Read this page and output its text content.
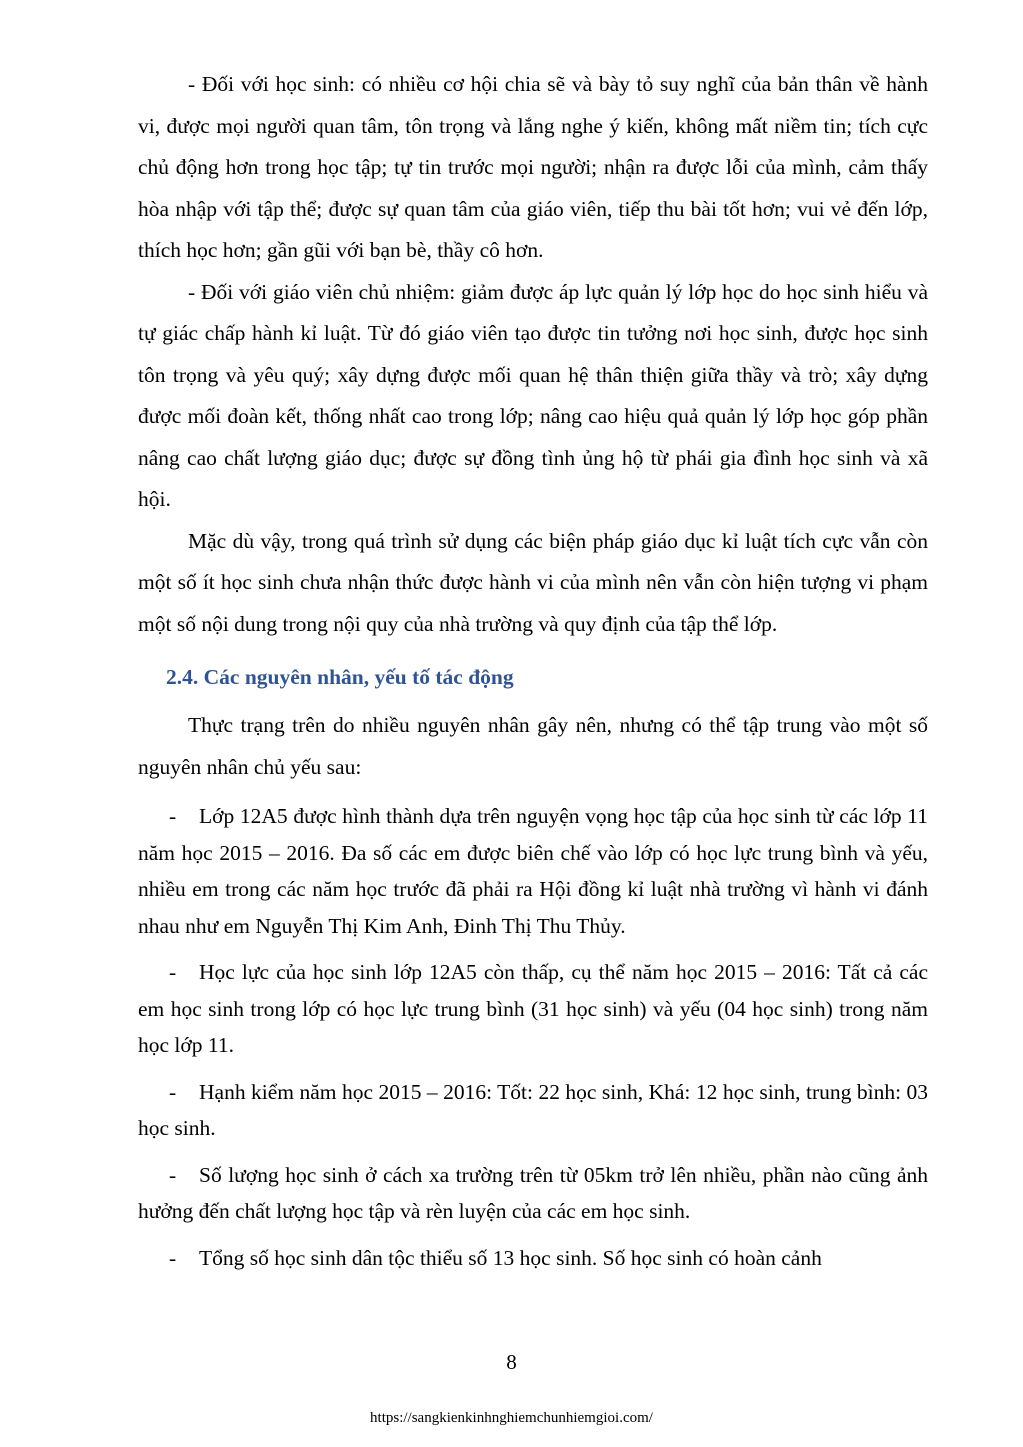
- Đối với học sinh: có nhiều cơ hội chia sẽ và bày tỏ suy nghĩ của bản thân về hành vi, được mọi người quan tâm, tôn trọng và lắng nghe ý kiến, không mất niềm tin; tích cực chủ động hơn trong học tập; tự tin trước mọi người; nhận ra được lỗi của mình, cảm thấy hòa nhập với tập thể; được sự quan tâm của giáo viên, tiếp thu bài tốt hơn; vui vẻ đến lớp, thích học hơn; gần gũi với bạn bè, thầy cô hơn.

- Đối với giáo viên chủ nhiệm: giảm được áp lực quản lý lớp học do học sinh hiểu và tự giác chấp hành kỉ luật. Từ đó giáo viên tạo được tin tưởng nơi học sinh, được học sinh tôn trọng và yêu quý; xây dựng được mối quan hệ thân thiện giữa thầy và trò; xây dựng được mối đoàn kết, thống nhất cao trong lớp; nâng cao hiệu quả quản lý lớp học góp phần nâng cao chất lượng giáo dục; được sự đồng tình ủng hộ từ phái gia đình học sinh và xã hội.

Mặc dù vậy, trong quá trình sử dụng các biện pháp giáo dục kỉ luật tích cực vẫn còn một số ít học sinh chưa nhận thức được hành vi của mình nên vẫn còn hiện tượng vi phạm một số nội dung trong nội quy của nhà trường và quy định của tập thể lớp.

2.4. Các nguyên nhân, yếu tố tác động

Thực trạng trên do nhiều nguyên nhân gây nên, nhưng có thể tập trung vào một số nguyên nhân chủ yếu sau:

- Lớp 12A5 được hình thành dựa trên nguyện vọng học tập của học sinh từ các lớp 11 năm học 2015 – 2016. Đa số các em được biên chế vào lớp có học lực trung bình và yếu, nhiều em trong các năm học trước đã phải ra Hội đồng kỉ luật nhà trường vì hành vi đánh nhau như em Nguyễn Thị Kim Anh, Đinh Thị Thu Thủy.

- Học lực của học sinh lớp 12A5 còn thấp, cụ thể năm học 2015 – 2016: Tất cả các em học sinh trong lớp có học lực trung bình (31 học sinh) và yếu (04 học sinh) trong năm học lớp 11.

- Hạnh kiểm năm học 2015 – 2016: Tốt: 22 học sinh, Khá: 12 học sinh, trung bình: 03 học sinh.

- Số lượng học sinh ở cách xa trường trên từ 05km trở lên nhiều, phần nào cũng ảnh hưởng đến chất lượng học tập và rèn luyện của các em học sinh.

- Tổng số học sinh dân tộc thiểu số 13 học sinh. Số học sinh có hoàn cảnh

8
https://sangkienkinhnghiemchunhiemgioi.com/
